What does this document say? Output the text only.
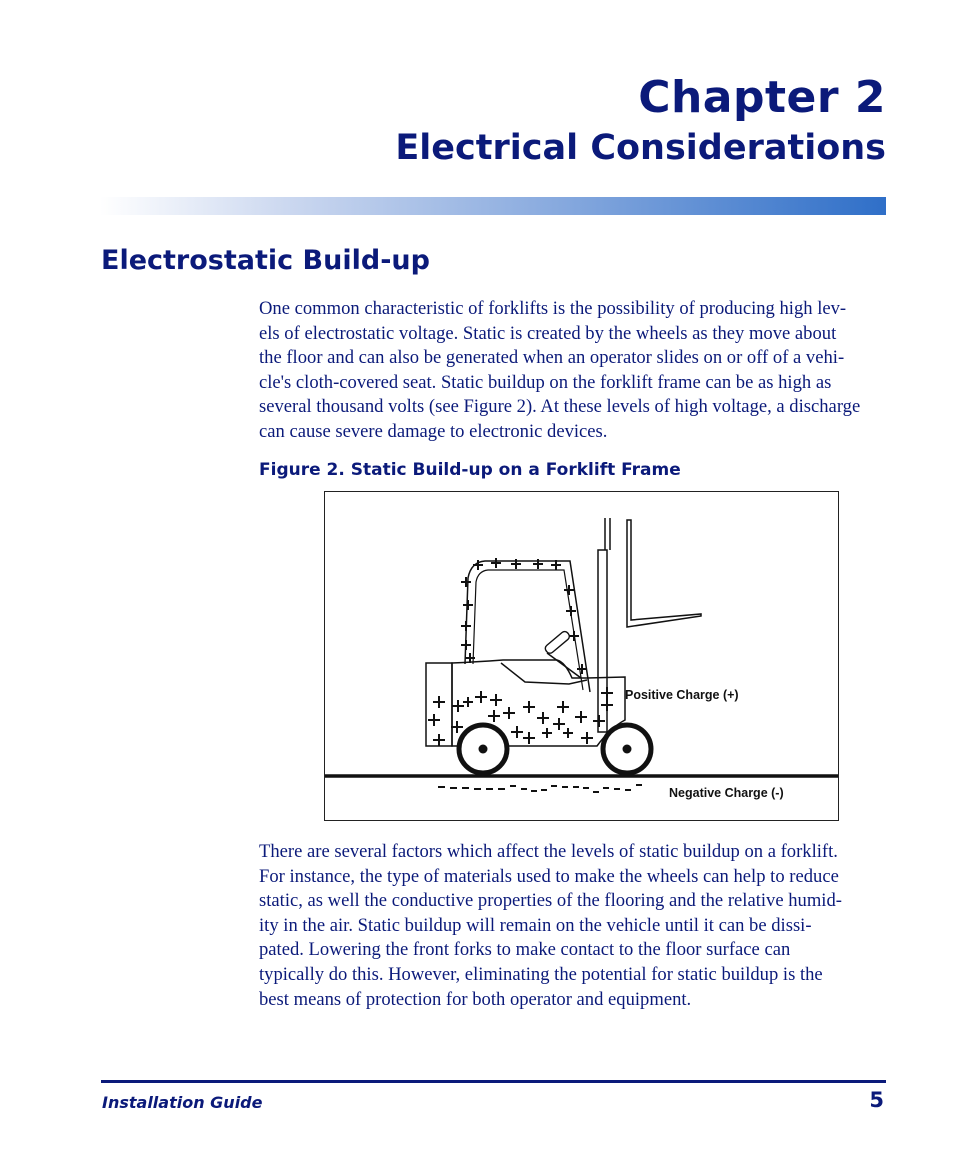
Chapter 2
Electrical Considerations
Electrostatic Build-up
One common characteristic of forklifts is the possibility of producing high lev-
els of electrostatic voltage. Static is created by the wheels as they move about
the floor and can also be generated when an operator slides on or off of a vehi-
cle's cloth-covered seat. Static buildup on the forklift frame can be as high as
several thousand volts (see Figure 2). At these levels of high voltage, a discharge
can cause severe damage to electronic devices.
Figure 2. Static Build-up on a Forklift Frame
Positive Charge (+)
Negative Charge (-)
There are several factors which affect the levels of static buildup on a forklift.
For instance, the type of materials used to make the wheels can help to reduce
static, as well the conductive properties of the flooring and the relative humid-
ity in the air. Static buildup will remain on the vehicle until it can be dissi-
pated. Lowering the front forks to make contact to the floor surface can
typically do this. However, eliminating the potential for static buildup is the
best means of protection for both operator and equipment.
Installation Guide	5
